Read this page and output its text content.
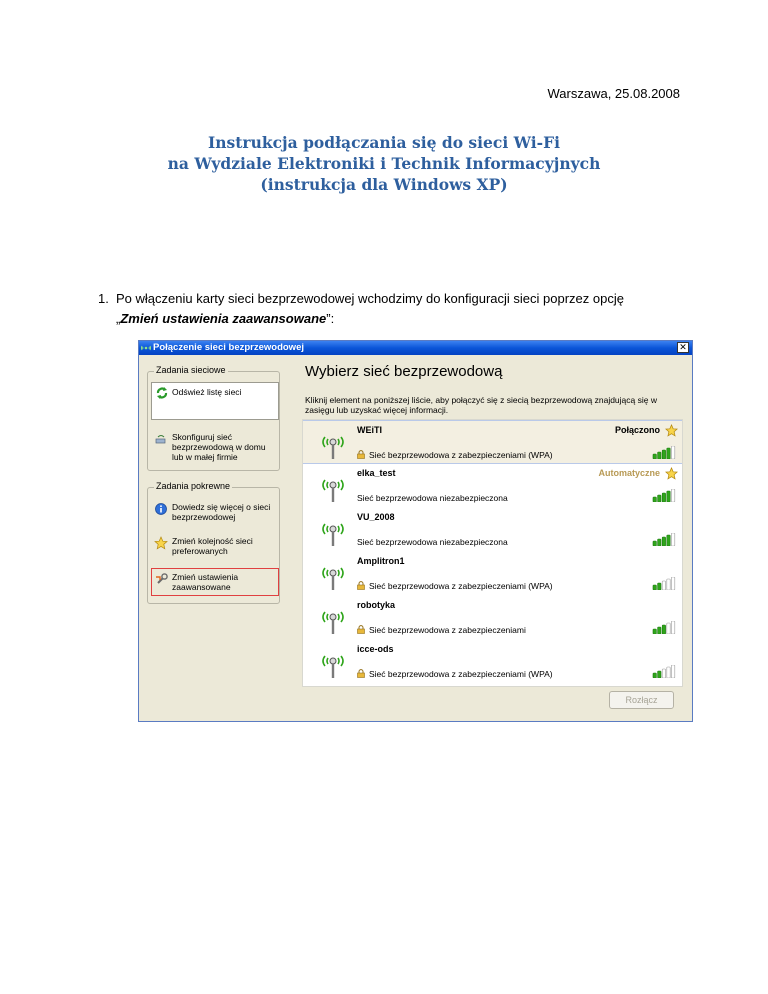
Warszawa, 25.08.2008
Instrukcja podłączania się do sieci Wi-Fi
na Wydziale Elektroniki i Technik Informacyjnych
(instrukcja dla Windows XP)
1. Po włączeniu karty sieci bezprzewodowej wchodzimy do konfiguracji sieci poprzez opcję
„Zmień ustawienia zaawansowane”:
Połączenie sieci bezprzewodowej	✕
Zadania sieciowe
Odśwież listę sieci
Skonfiguruj sieć bezprzewodową w domu lub w małej firmie
Zadania pokrewne
Dowiedz się więcej o sieci bezprzewodowej
Zmień kolejność sieci preferowanych
Zmień ustawienia zaawansowane
Wybierz sieć bezprzewodową
Kliknij element na poniższej liście, aby połączyć się z siecią bezprzewodową znajdującą się w zasięgu lub uzyskać więcej informacji.
WEiTI	Połączono
Sieć bezprzewodowa z zabezpieczeniami (WPA)
elka_test	Automatyczne
Sieć bezprzewodowa niezabezpieczona
VU_2008
Sieć bezprzewodowa niezabezpieczona
Amplitron1
Sieć bezprzewodowa z zabezpieczeniami (WPA)
robotyka
Sieć bezprzewodowa z zabezpieczeniami
icce-ods
Sieć bezprzewodowa z zabezpieczeniami (WPA)
Rozłącz
